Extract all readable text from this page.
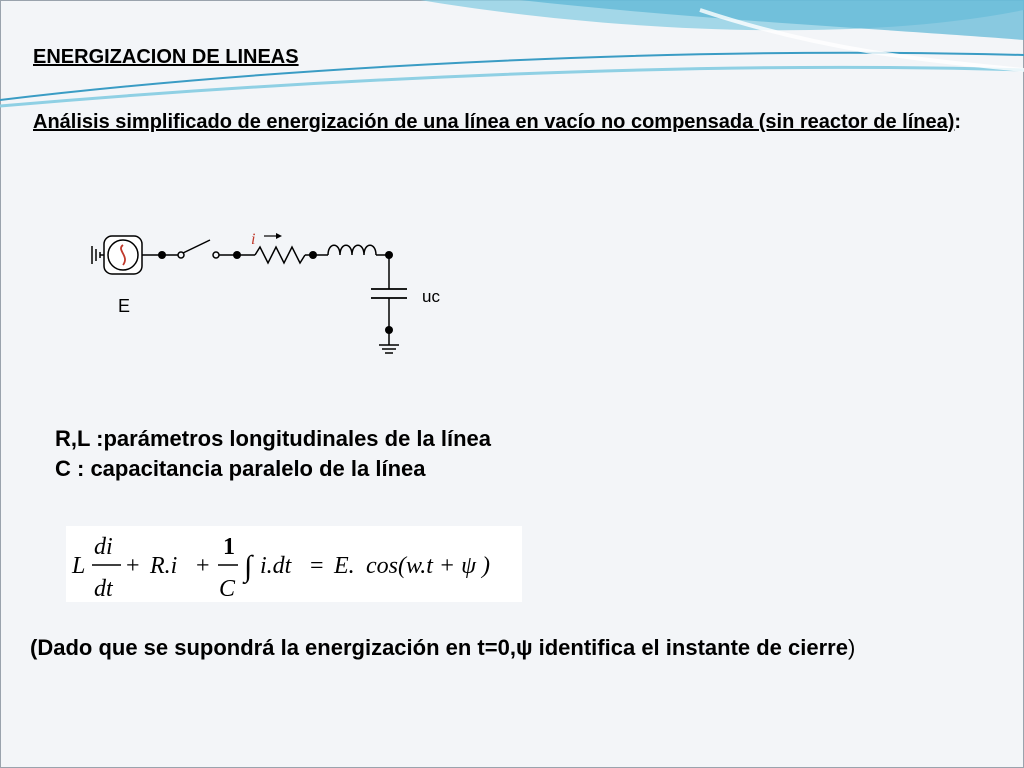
ENERGIZACION DE LINEAS
Análisis simplificado de energización de una línea en vacío no compensada (sin reactor de línea):
i
uc
E
R,L :parámetros longitudinales de la línea
C : capacitancia paralelo de la línea
L
di
dt
+ R.i +
1
C
∫ i.dt = E. cos(w.t + ψ )
(Dado que se supondrá la energización en t=0,ψ identifica el instante de cierre)
